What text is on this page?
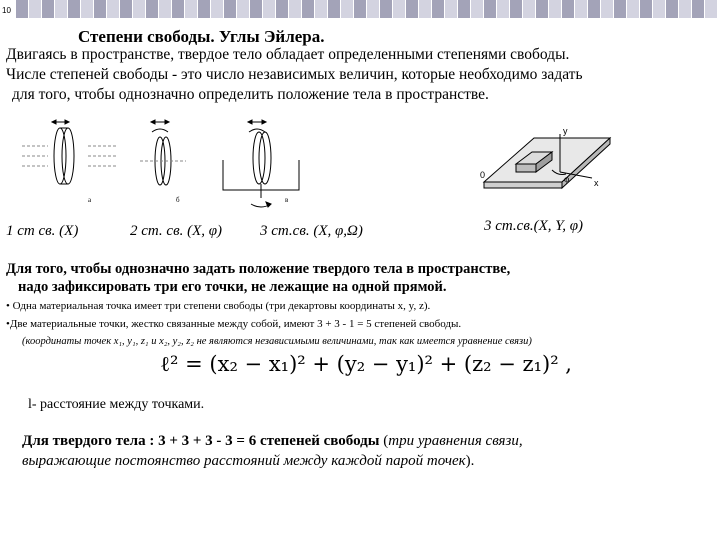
10
Степени свободы. Углы Эйлера.
Двигаясь в пространстве, твердое тело обладает определенными степенями свободы.
Числе степеней свободы - это число независимых величин, которые необходимо задать
для того, чтобы однозначно определить положение тела в пространстве.
а	б	в
y
x
0	φ
1 ст св. (X)	2 ст. св. (X, φ)	3 ст.св. (X, φ,Ω)	3 ст.св.(X, Y, φ)
Для того, чтобы однозначно задать положение твердого тела в пространстве,
надо зафиксировать три его точки, не лежащие на одной прямой.
• Одна материальная точка имеет три степени свободы (три декартовы координаты x, y, z).
•Две материальные точки, жестко связанные между собой, имеют 3 + 3 - 1 = 5 степеней свободы.
(координаты точек x₁, y₁, z₁ и x₂, y₂, z₂ не являются независимыми величинами, так как имеется уравнение связи)
ℓ² = (x₂ − x₁)² + (y₂ − y₁)² + (z₂ − z₁)² ,
l- расстояние между точками.
Для твердого тела : 3 + 3 + 3 - 3 = 6 степеней свободы (три уравнения связи,
выражающие постоянство расстояний между каждой парой точек).
